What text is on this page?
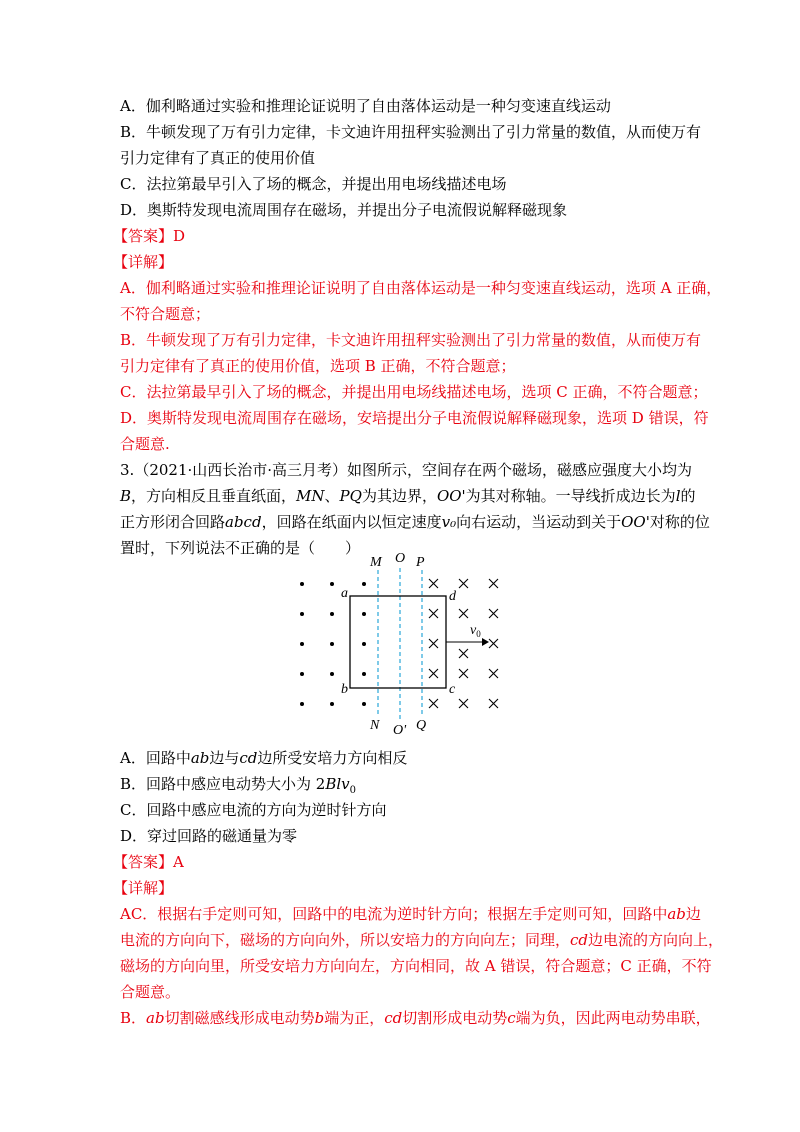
A．伽利略通过实验和推理论证说明了自由落体运动是一种匀变速直线运动
B．牛顿发现了万有引力定律，卡文迪许用扭秤实验测出了引力常量的数值，从而使万有
引力定律有了真正的使用价值
C．法拉第最早引入了场的概念，并提出用电场线描述电场
D．奥斯特发现电流周围存在磁场，并提出分子电流假说解释磁现象
【答案】D
【详解】
A．伽利略通过实验和推理论证说明了自由落体运动是一种匀变速直线运动，选项 A 正确，
不符合题意；
B．牛顿发现了万有引力定律，卡文迪许用扭秤实验测出了引力常量的数值，从而使万有
引力定律有了真正的使用价值，选项 B 正确，不符合题意；
C．法拉第最早引入了场的概念，并提出用电场线描述电场，选项 C 正确，不符合题意；
D．奥斯特发现电流周围存在磁场，安培提出分子电流假说解释磁现象，选项 D 错误，符
合题意.
3.（2021·山西长治市·高三月考）如图所示，空间存在两个磁场，磁感应强度大小均为
B，方向相反且垂直纸面，MN、PQ为其边界，OO'为其对称轴。一导线折成边长为l的
正方形闭合回路abcd，回路在纸面内以恒定速度v₀向右运动，当运动到关于OO'对称的位
置时，下列说法不正确的是（　　）
M O P
N O' Q
a
b	c
d
$v_0$
A．回路中ab边与cd边所受安培力方向相反
B．回路中感应电动势大小为 2Blv$_0$
C．回路中感应电流的方向为逆时针方向
D．穿过回路的磁通量为零
【答案】A
【详解】
AC．根据右手定则可知，回路中的电流为逆时针方向；根据左手定则可知，回路中ab边
电流的方向向下，磁场的方向向外，所以安培力的方向向左；同理，cd边电流的方向向上，
磁场的方向向里，所受安培力方向向左，方向相同，故 A 错误，符合题意；C 正确，不符
合题意。
B．ab切割磁感线形成电动势b端为正，cd切割形成电动势c端为负，因此两电动势串联，
